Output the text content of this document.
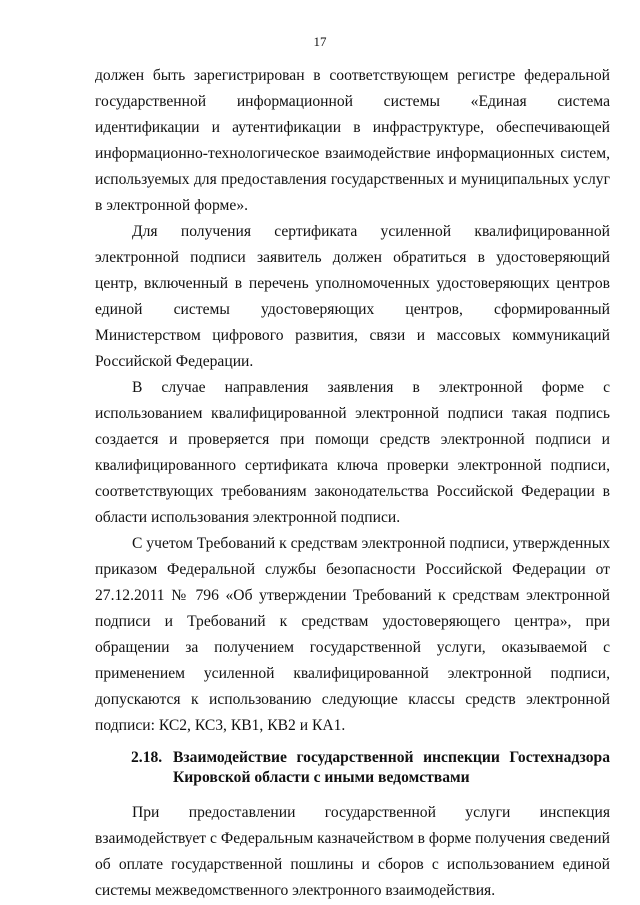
17

должен быть зарегистрирован в соответствующем регистре федеральной государственной информационной системы «Единая система идентификации и аутентификации в инфраструктуре, обеспечивающей информационно-технологическое взаимодействие информационных систем, используемых для предоставления государственных и муниципальных услуг в электронной форме».

Для получения сертификата усиленной квалифицированной электронной подписи заявитель должен обратиться в удостоверяющий центр, включенный в перечень уполномоченных удостоверяющих центров единой системы удостоверяющих центров, сформированный Министерством цифрового развития, связи и массовых коммуникаций Российской Федерации.

В случае направления заявления в электронной форме с использованием квалифицированной электронной подписи такая подпись создается и проверяется при помощи средств электронной подписи и квалифицированного сертификата ключа проверки электронной подписи, соответствующих требованиям законодательства Российской Федерации в области использования электронной подписи.

С учетом Требований к средствам электронной подписи, утвержденных приказом Федеральной службы безопасности Российской Федерации от 27.12.2011 № 796 «Об утверждении Требований к средствам электронной подписи и Требований к средствам удостоверяющего центра», при обращении за получением государственной услуги, оказываемой с применением усиленной квалифицированной электронной подписи, допускаются к использованию следующие классы средств электронной подписи: КС2, КС3, КВ1, КВ2 и КА1.

2.18. Взаимодействие государственной инспекции Гостехнадзора Кировской области с иными ведомствами

При предоставлении государственной услуги инспекция взаимодействует с Федеральным казначейством в форме получения сведений об оплате государственной пошлины и сборов с использованием единой системы межведомственного электронного взаимодействия.
